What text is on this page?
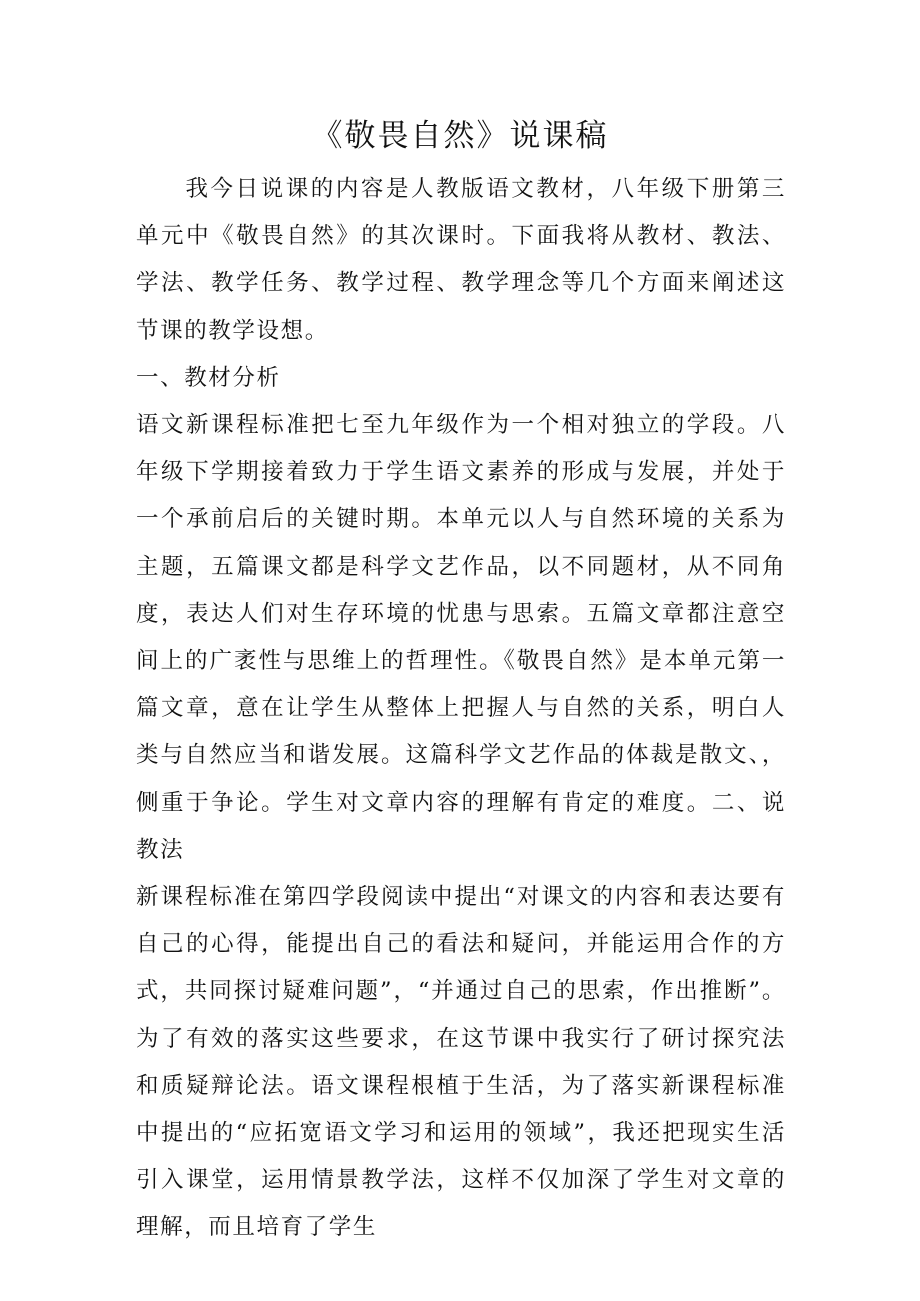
《敬畏自然》说课稿

我今日说课的内容是人教版语文教材，八年级下册第三单元中《敬畏自然》的其次课时。下面我将从教材、教法、学法、教学任务、教学过程、教学理念等几个方面来阐述这节课的教学设想。

一、教材分析

语文新课程标准把七至九年级作为一个相对独立的学段。八年级下学期接着致力于学生语文素养的形成与发展，并处于一个承前启后的关键时期。本单元以人与自然环境的关系为主题，五篇课文都是科学文艺作品，以不同题材，从不同角度，表达人们对生存环境的忧患与思索。五篇文章都注意空间上的广袤性与思维上的哲理性。《敬畏自然》是本单元第一篇文章，意在让学生从整体上把握人与自然的关系，明白人类与自然应当和谐发展。这篇科学文艺作品的体裁是散文、，侧重于争论。学生对文章内容的理解有肯定的难度。二、说教法

新课程标准在第四学段阅读中提出“对课文的内容和表达要有自己的心得，能提出自己的看法和疑问，并能运用合作的方式，共同探讨疑难问题”，“并通过自己的思索，作出推断”。为了有效的落实这些要求，在这节课中我实行了研讨探究法和质疑辩论法。语文课程根植于生活，为了落实新课程标准中提出的“应拓宽语文学习和运用的领域”，我还把现实生活引入课堂，运用情景教学法，这样不仅加深了学生对文章的理解，而且培育了学生
